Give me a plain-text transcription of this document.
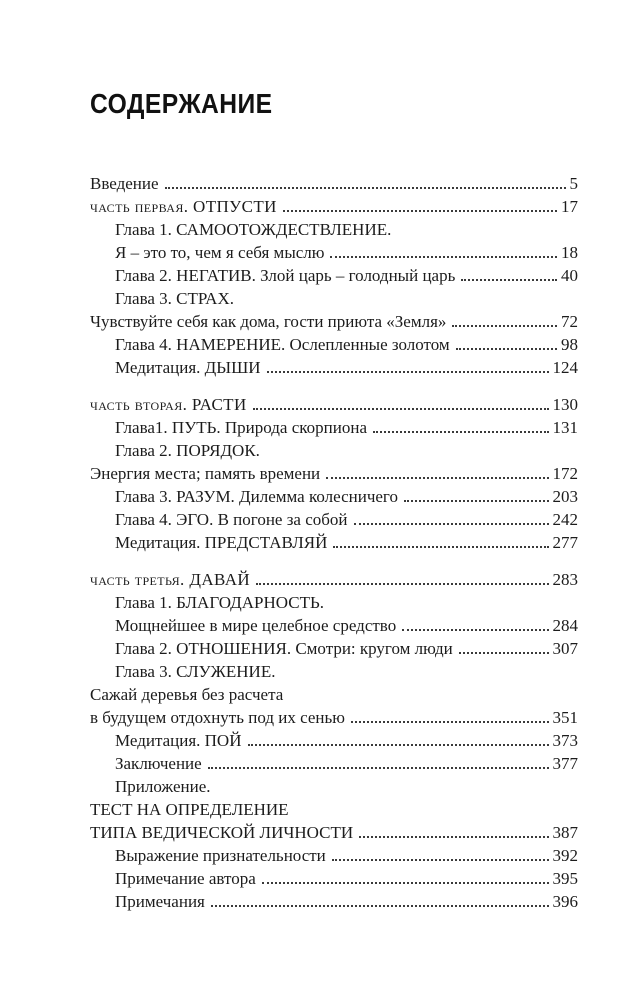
СОДЕРЖАНИЕ
Введение	5
часть первая. ОТПУСТИ	17
Глава 1. САМООТОЖДЕСТВЛЕНИЕ.
Я – это то, чем я себя мыслю	18
Глава 2. НЕГАТИВ. Злой царь – голодный царь	40
Глава 3. СТРАХ.
Чувствуйте себя как дома, гости приюта «Земля»	72
Глава 4. НАМЕРЕНИЕ. Ослепленные золотом	98
Медитация. ДЫШИ	124
часть вторая. РАСТИ	130
Глава1. ПУТЬ. Природа скорпиона	131
Глава 2. ПОРЯДОК.
Энергия места; память времени	172
Глава 3. РАЗУМ. Дилемма колесничего	203
Глава 4. ЭГО. В погоне за собой	242
Медитация. ПРЕДСТАВЛЯЙ	277
часть третья. ДАВАЙ	283
Глава 1. БЛАГОДАРНОСТЬ.
Мощнейшее в мире целебное средство	284
Глава 2. ОТНОШЕНИЯ. Смотри: кругом люди	307
Глава 3. СЛУЖЕНИЕ.
Сажай деревья без расчета
в будущем отдохнуть под их сенью	351
Медитация. ПОЙ	373
Заключение	377
Приложение.
ТЕСТ НА ОПРЕДЕЛЕНИЕ
ТИПА ВЕДИЧЕСКОЙ ЛИЧНОСТИ	387
Выражение признательности	392
Примечание автора	395
Примечания	396
